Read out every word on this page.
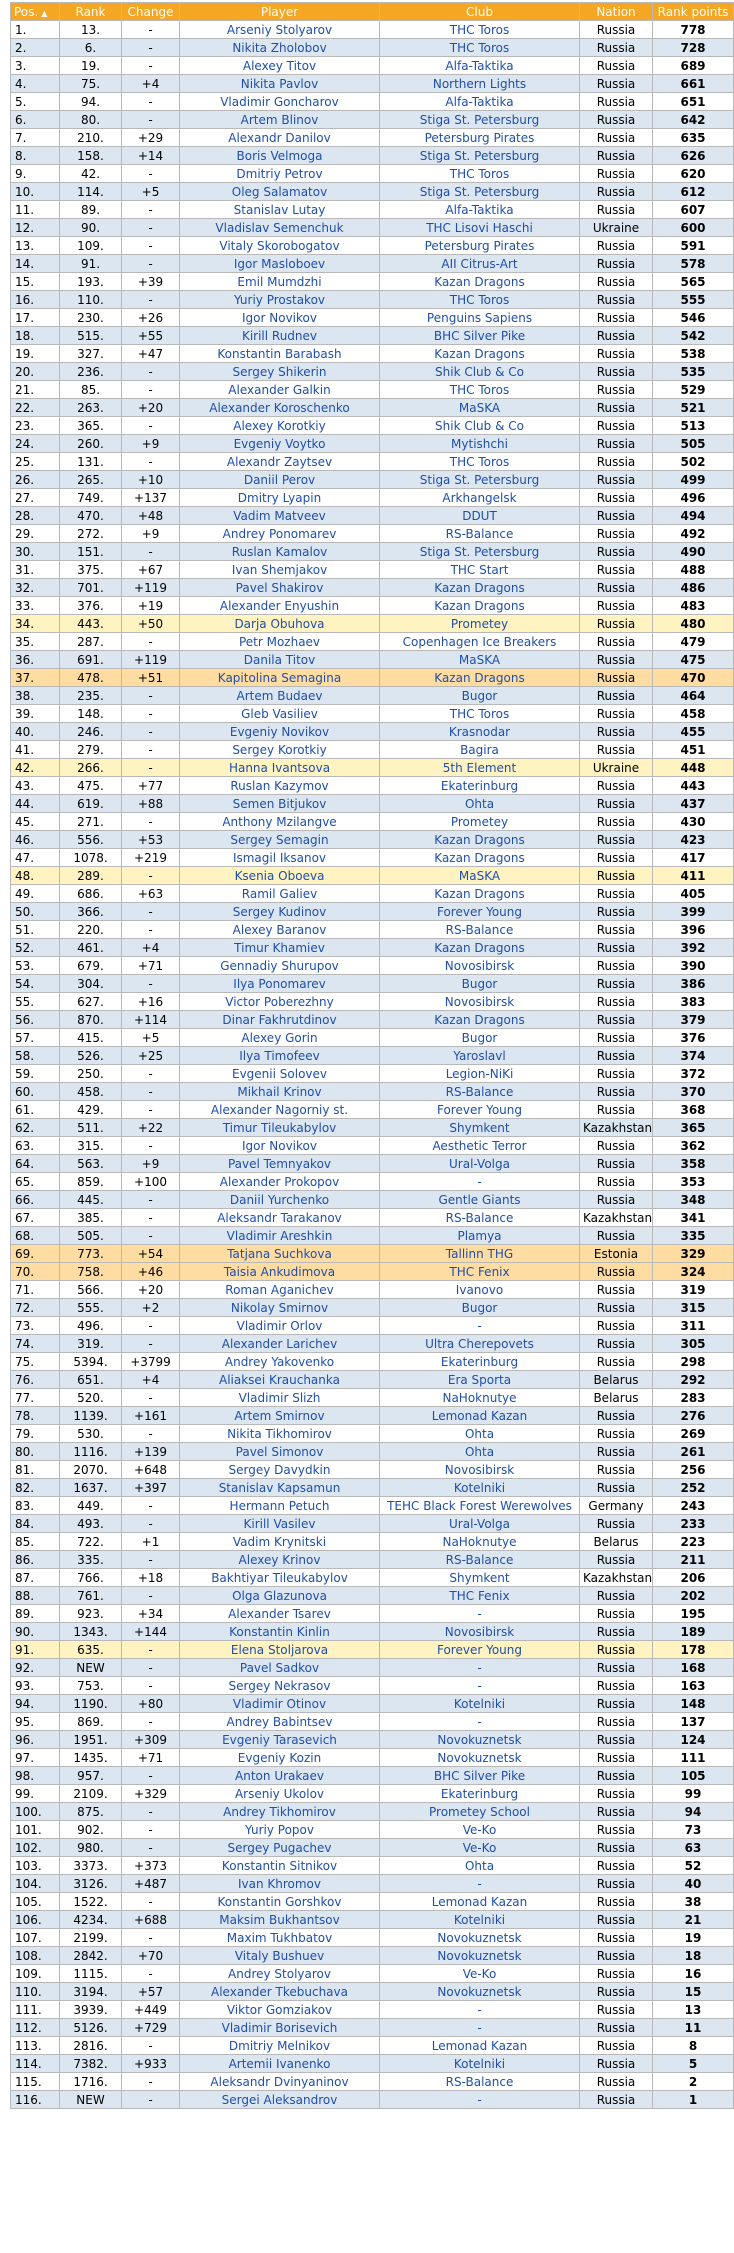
Pos. ▲	Rank	Change	Player	Club	Nation	Rank points
1.	13.	-	Arseniy Stolyarov	THC Toros	Russia	778
2.	6.	-	Nikita Zholobov	THC Toros	Russia	728
3.	19.	-	Alexey Titov	Alfa-Taktika	Russia	689
4.	75.	+4	Nikita Pavlov	Northern Lights	Russia	661
5.	94.	-	Vladimir Goncharov	Alfa-Taktika	Russia	651
6.	80.	-	Artem Blinov	Stiga St. Petersburg	Russia	642
7.	210.	+29	Alexandr Danilov	Petersburg Pirates	Russia	635
8.	158.	+14	Boris Velmoga	Stiga St. Petersburg	Russia	626
9.	42.	-	Dmitriy Petrov	THC Toros	Russia	620
10.	114.	+5	Oleg Salamatov	Stiga St. Petersburg	Russia	612
11.	89.	-	Stanislav Lutay	Alfa-Taktika	Russia	607
12.	90.	-	Vladislav Semenchuk	THC Lisovi Haschi	Ukraine	600
13.	109.	-	Vitaly Skorobogatov	Petersburg Pirates	Russia	591
14.	91.	-	Igor Masloboev	AII Citrus-Art	Russia	578
15.	193.	+39	Emil Mumdzhi	Kazan Dragons	Russia	565
16.	110.	-	Yuriy Prostakov	THC Toros	Russia	555
17.	230.	+26	Igor Novikov	Penguins Sapiens	Russia	546
18.	515.	+55	Kirill Rudnev	BHC Silver Pike	Russia	542
19.	327.	+47	Konstantin Barabash	Kazan Dragons	Russia	538
20.	236.	-	Sergey Shikerin	Shik Club & Co	Russia	535
21.	85.	-	Alexander Galkin	THC Toros	Russia	529
22.	263.	+20	Alexander Koroschenko	MaSKA	Russia	521
23.	365.	-	Alexey Korotkiy	Shik Club & Co	Russia	513
24.	260.	+9	Evgeniy Voytko	Mytishchi	Russia	505
25.	131.	-	Alexandr Zaytsev	THC Toros	Russia	502
26.	265.	+10	Daniil Perov	Stiga St. Petersburg	Russia	499
27.	749.	+137	Dmitry Lyapin	Arkhangelsk	Russia	496
28.	470.	+48	Vadim Matveev	DDUT	Russia	494
29.	272.	+9	Andrey Ponomarev	RS-Balance	Russia	492
30.	151.	-	Ruslan Kamalov	Stiga St. Petersburg	Russia	490
31.	375.	+67	Ivan Shemjakov	THC Start	Russia	488
32.	701.	+119	Pavel Shakirov	Kazan Dragons	Russia	486
33.	376.	+19	Alexander Enyushin	Kazan Dragons	Russia	483
34.	443.	+50	Darja Obuhova	Prometey	Russia	480
35.	287.	-	Petr Mozhaev	Copenhagen Ice Breakers	Russia	479
36.	691.	+119	Danila Titov	MaSKA	Russia	475
37.	478.	+51	Kapitolina Semagina	Kazan Dragons	Russia	470
38.	235.	-	Artem Budaev	Bugor	Russia	464
39.	148.	-	Gleb Vasiliev	THC Toros	Russia	458
40.	246.	-	Evgeniy Novikov	Krasnodar	Russia	455
41.	279.	-	Sergey Korotkiy	Bagira	Russia	451
42.	266.	-	Hanna Ivantsova	5th Element	Ukraine	448
43.	475.	+77	Ruslan Kazymov	Ekaterinburg	Russia	443
44.	619.	+88	Semen Bitjukov	Ohta	Russia	437
45.	271.	-	Anthony Mzilangve	Prometey	Russia	430
46.	556.	+53	Sergey Semagin	Kazan Dragons	Russia	423
47.	1078.	+219	Ismagil Iksanov	Kazan Dragons	Russia	417
48.	289.	-	Ksenia Oboeva	MaSKA	Russia	411
49.	686.	+63	Ramil Galiev	Kazan Dragons	Russia	405
50.	366.	-	Sergey Kudinov	Forever Young	Russia	399
51.	220.	-	Alexey Baranov	RS-Balance	Russia	396
52.	461.	+4	Timur Khamiev	Kazan Dragons	Russia	392
53.	679.	+71	Gennadiy Shurupov	Novosibirsk	Russia	390
54.	304.	-	Ilya Ponomarev	Bugor	Russia	386
55.	627.	+16	Victor Poberezhny	Novosibirsk	Russia	383
56.	870.	+114	Dinar Fakhrutdinov	Kazan Dragons	Russia	379
57.	415.	+5	Alexey Gorin	Bugor	Russia	376
58.	526.	+25	Ilya Timofeev	Yaroslavl	Russia	374
59.	250.	-	Evgenii Solovev	Legion-NiKi	Russia	372
60.	458.	-	Mikhail Krinov	RS-Balance	Russia	370
61.	429.	-	Alexander Nagorniy st.	Forever Young	Russia	368
62.	511.	+22	Timur Tileukabylov	Shymkent	Kazakhstan	365
63.	315.	-	Igor Novikov	Aesthetic Terror	Russia	362
64.	563.	+9	Pavel Temnyakov	Ural-Volga	Russia	358
65.	859.	+100	Alexander Prokopov	-	Russia	353
66.	445.	-	Daniil Yurchenko	Gentle Giants	Russia	348
67.	385.	-	Aleksandr Tarakanov	RS-Balance	Kazakhstan	341
68.	505.	-	Vladimir Areshkin	Plamya	Russia	335
69.	773.	+54	Tatjana Suchkova	Tallinn THG	Estonia	329
70.	758.	+46	Taisia Ankudimova	THC Fenix	Russia	324
71.	566.	+20	Roman Aganichev	Ivanovo	Russia	319
72.	555.	+2	Nikolay Smirnov	Bugor	Russia	315
73.	496.	-	Vladimir Orlov	-	Russia	311
74.	319.	-	Alexander Larichev	Ultra Cherepovets	Russia	305
75.	5394.	+3799	Andrey Yakovenko	Ekaterinburg	Russia	298
76.	651.	+4	Aliaksei Krauchanka	Era Sporta	Belarus	292
77.	520.	-	Vladimir Slizh	NaHoknutye	Belarus	283
78.	1139.	+161	Artem Smirnov	Lemonad Kazan	Russia	276
79.	530.	-	Nikita Tikhomirov	Ohta	Russia	269
80.	1116.	+139	Pavel Simonov	Ohta	Russia	261
81.	2070.	+648	Sergey Davydkin	Novosibirsk	Russia	256
82.	1637.	+397	Stanislav Kapsamun	Kotelniki	Russia	252
83.	449.	-	Hermann Petuch	TEHC Black Forest Werewolves	Germany	243
84.	493.	-	Kirill Vasilev	Ural-Volga	Russia	233
85.	722.	+1	Vadim Krynitski	NaHoknutye	Belarus	223
86.	335.	-	Alexey Krinov	RS-Balance	Russia	211
87.	766.	+18	Bakhtiyar Tileukabylov	Shymkent	Kazakhstan	206
88.	761.	-	Olga Glazunova	THC Fenix	Russia	202
89.	923.	+34	Alexander Tsarev	-	Russia	195
90.	1343.	+144	Konstantin Kinlin	Novosibirsk	Russia	189
91.	635.	-	Elena Stoljarova	Forever Young	Russia	178
92.	NEW	-	Pavel Sadkov	-	Russia	168
93.	753.	-	Sergey Nekrasov	-	Russia	163
94.	1190.	+80	Vladimir Otinov	Kotelniki	Russia	148
95.	869.	-	Andrey Babintsev	-	Russia	137
96.	1951.	+309	Evgeniy Tarasevich	Novokuznetsk	Russia	124
97.	1435.	+71	Evgeniy Kozin	Novokuznetsk	Russia	111
98.	957.	-	Anton Urakaev	BHC Silver Pike	Russia	105
99.	2109.	+329	Arseniy Ukolov	Ekaterinburg	Russia	99
100.	875.	-	Andrey Tikhomirov	Prometey School	Russia	94
101.	902.	-	Yuriy Popov	Ve-Ko	Russia	73
102.	980.	-	Sergey Pugachev	Ve-Ko	Russia	63
103.	3373.	+373	Konstantin Sitnikov	Ohta	Russia	52
104.	3126.	+487	Ivan Khromov	-	Russia	40
105.	1522.	-	Konstantin Gorshkov	Lemonad Kazan	Russia	38
106.	4234.	+688	Maksim Bukhantsov	Kotelniki	Russia	21
107.	2199.	-	Maxim Tukhbatov	Novokuznetsk	Russia	19
108.	2842.	+70	Vitaly Bushuev	Novokuznetsk	Russia	18
109.	1115.	-	Andrey Stolyarov	Ve-Ko	Russia	16
110.	3194.	+57	Alexander Tkebuchava	Novokuznetsk	Russia	15
111.	3939.	+449	Viktor Gomziakov	-	Russia	13
112.	5126.	+729	Vladimir Borisevich	-	Russia	11
113.	2816.	-	Dmitriy Melnikov	Lemonad Kazan	Russia	8
114.	7382.	+933	Artemii Ivanenko	Kotelniki	Russia	5
115.	1716.	-	Aleksandr Dvinyaninov	RS-Balance	Russia	2
116.	NEW	-	Sergei Aleksandrov	-	Russia	1
